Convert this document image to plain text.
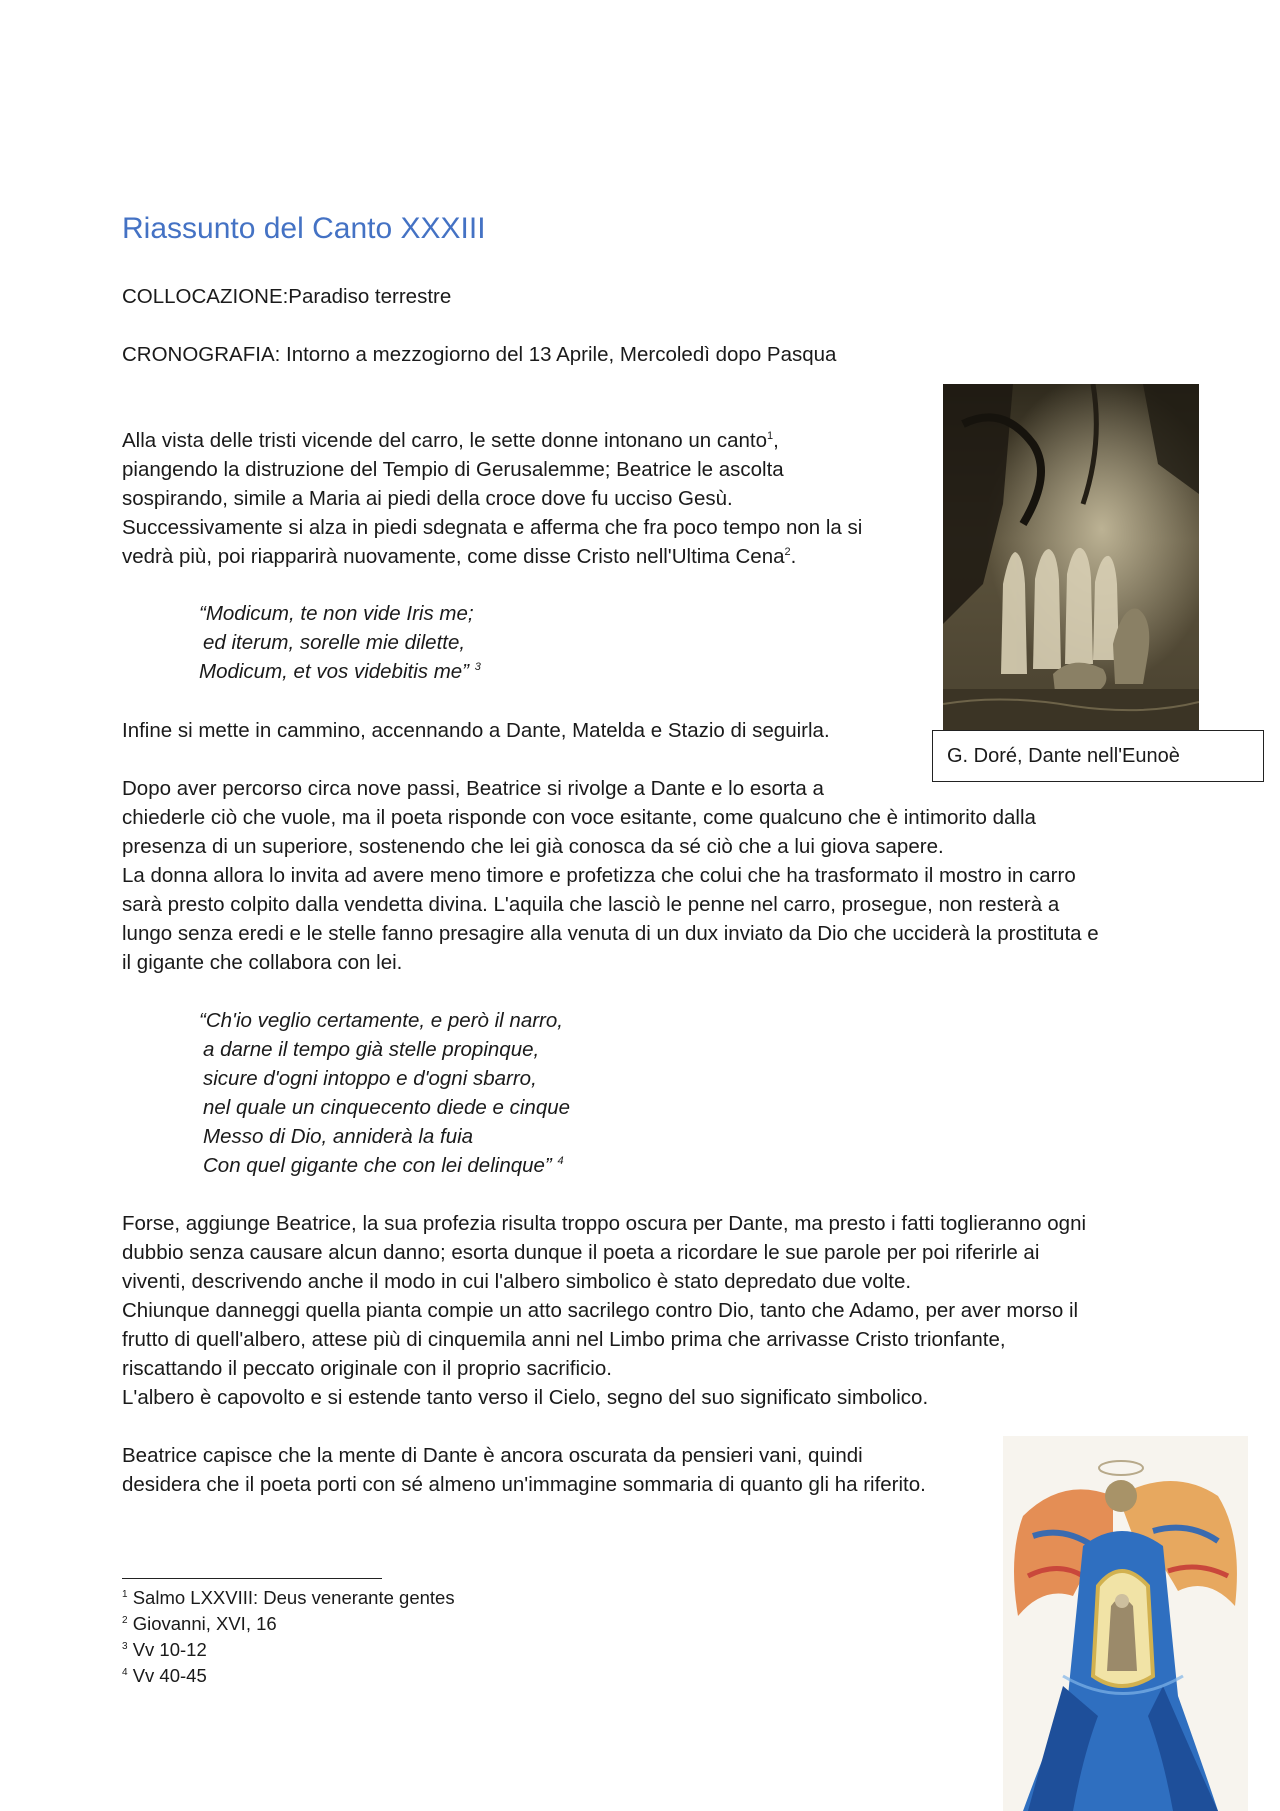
Riassunto del Canto XXXIII
COLLOCAZIONE:Paradiso terrestre
CRONOGRAFIA: Intorno a mezzogiorno del 13 Aprile, Mercoledì dopo Pasqua
Alla vista delle tristi vicende del carro, le sette donne intonano un canto$^1$,
piangendo la distruzione del Tempio di Gerusalemme; Beatrice le ascolta
sospirando, simile a Maria ai piedi della croce dove fu ucciso Gesù.
Successivamente si alza in piedi sdegnata e afferma che fra poco tempo non la si
vedrà più, poi riapparirà nuovamente, come disse Cristo nell'Ultima Cena$^2$.
“Modicum, te non vide Iris me;
ed iterum, sorelle mie dilette,
Modicum, et vos videbitis me” $^3$
Infine si mette in cammino, accennando a Dante, Matelda e Stazio di seguirla.
Dopo aver percorso circa nove passi, Beatrice si rivolge a Dante e lo esorta a
chiederle ciò che vuole, ma il poeta risponde con voce esitante, come qualcuno che è intimorito dalla
presenza di un superiore, sostenendo che lei già conosca da sé ciò che a lui giova sapere.
La donna allora lo invita ad avere meno timore e profetizza che colui che ha trasformato il mostro in carro
sarà presto colpito dalla vendetta divina. L'aquila che lasciò le penne nel carro, prosegue, non resterà a
lungo senza eredi e le stelle fanno presagire alla venuta di un dux inviato da Dio che ucciderà la prostituta e
il gigante che collabora con lei.
“Ch'io veglio certamente, e però il narro,
a darne il tempo già stelle propinque,
sicure d'ogni intoppo e d'ogni sbarro,
nel quale un cinquecento diede e cinque
Messo di Dio, anniderà la fuia
Con quel gigante che con lei delinque” $^4$
Forse, aggiunge Beatrice, la sua profezia risulta troppo oscura per Dante, ma presto i fatti toglieranno ogni
dubbio senza causare alcun danno; esorta dunque il poeta a ricordare le sue parole per poi riferirle ai
viventi, descrivendo anche il modo in cui l'albero simbolico è stato depredato due volte.
Chiunque danneggi quella pianta compie un atto sacrilego contro Dio, tanto che Adamo, per aver morso il
frutto di quell'albero, attese più di cinquemila anni nel Limbo prima che arrivasse Cristo trionfante,
riscattando il peccato originale con il proprio sacrificio.
L'albero è capovolto e si estende tanto verso il Cielo, segno del suo significato simbolico.
Beatrice capisce che la mente di Dante è ancora oscurata da pensieri vani, quindi
desidera che il poeta porti con sé almeno un'immagine sommaria di quanto gli ha riferito.
G. Doré, Dante nell'Eunoè
$^1$ Salmo LXXVIII: Deus venerante gentes
$^2$ Giovanni, XVI, 16
$^3$ Vv 10-12
$^4$ Vv 40-45
